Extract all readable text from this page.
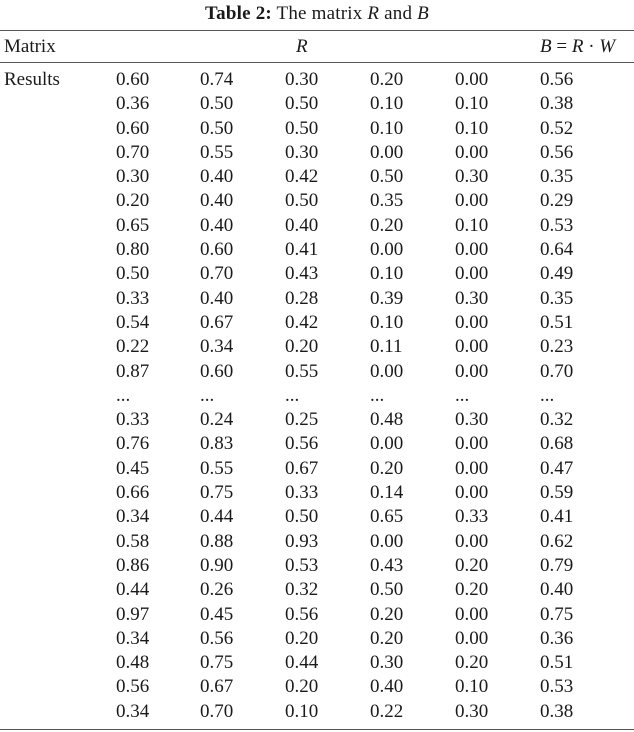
Table 2: The matrix R and B
Matrix	R	B = R · W
Results	0.60	0.74	0.30	0.20	0.00	0.56
0.36	0.50	0.50	0.10	0.10	0.38
0.60	0.50	0.50	0.10	0.10	0.52
0.70	0.55	0.30	0.00	0.00	0.56
0.30	0.40	0.42	0.50	0.30	0.35
0.20	0.40	0.50	0.35	0.00	0.29
0.65	0.40	0.40	0.20	0.10	0.53
0.80	0.60	0.41	0.00	0.00	0.64
0.50	0.70	0.43	0.10	0.00	0.49
0.33	0.40	0.28	0.39	0.30	0.35
0.54	0.67	0.42	0.10	0.00	0.51
0.22	0.34	0.20	0.11	0.00	0.23
0.87	0.60	0.55	0.00	0.00	0.70
...	...	...	...	...	...
0.33	0.24	0.25	0.48	0.30	0.32
0.76	0.83	0.56	0.00	0.00	0.68
0.45	0.55	0.67	0.20	0.00	0.47
0.66	0.75	0.33	0.14	0.00	0.59
0.34	0.44	0.50	0.65	0.33	0.41
0.58	0.88	0.93	0.00	0.00	0.62
0.86	0.90	0.53	0.43	0.20	0.79
0.44	0.26	0.32	0.50	0.20	0.40
0.97	0.45	0.56	0.20	0.00	0.75
0.34	0.56	0.20	0.20	0.00	0.36
0.48	0.75	0.44	0.30	0.20	0.51
0.56	0.67	0.20	0.40	0.10	0.53
0.34	0.70	0.10	0.22	0.30	0.38
